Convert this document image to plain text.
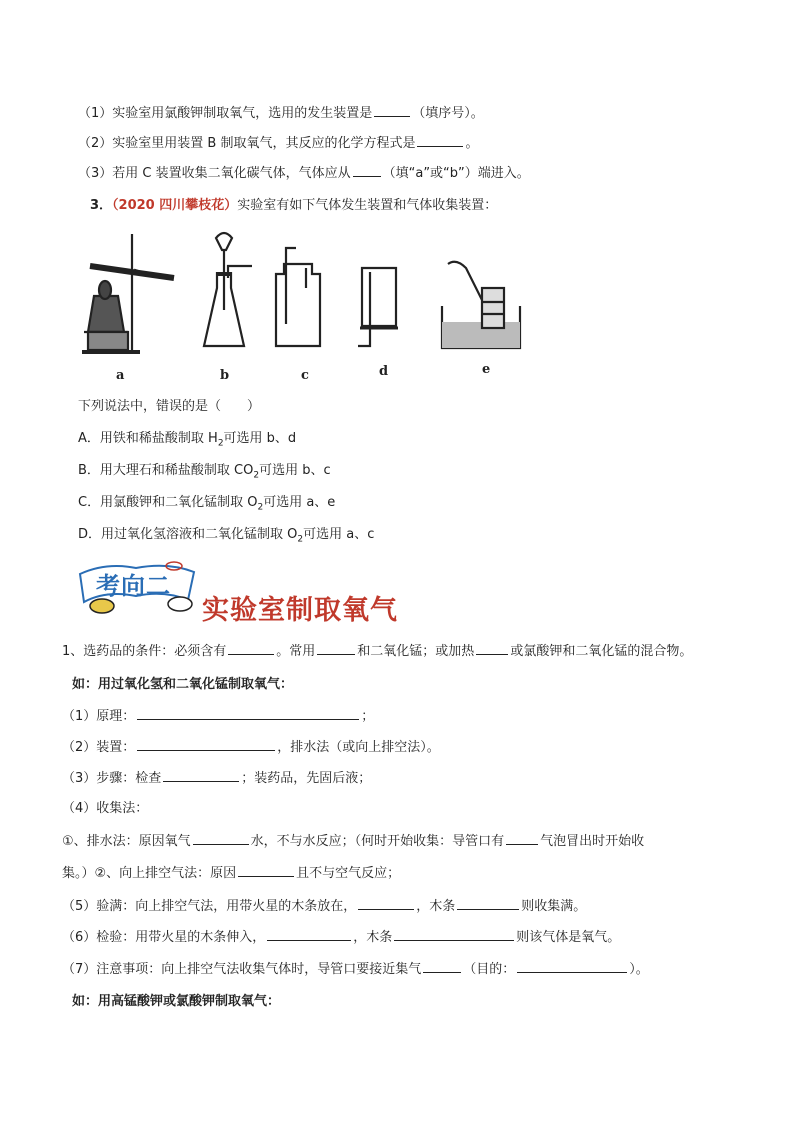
（1）实验室用氯酸钾制取氧气，选用的发生装置是	（填序号）。
（2）实验室里用装置 B 制取氧气，其反应的化学方程式是	。
（3）若用 C 装置收集二氧化碳气体，气体应从 （填“a”或“b”）端进入。
3．（2020 四川攀枝花）实验室有如下气体发生装置和气体收集装置：
a	b	c	d	e
下列说法中，错误的是（　　）
A．用铁和稀盐酸制取 $H_2$可选用 b、d
B．用大理石和稀盐酸制取 $CO_2$可选用 b、c
C．用氯酸钾和二氧化锰制取 $O_2$可选用 a、e
D．用过氧化氢溶液和二氧化锰制取 $O_2$可选用 a、c
考向二
实验室制取氧气
1、选药品的条件：必须含有	。常用	和二氧化锰；或加热	或氯酸钾和二氧化锰的混合物。
如：用过氧化氢和二氧化锰制取氧气：
（1）原理：	；
（2）装置：	，排水法（或向上排空法）。
（3）步骤：检查	；装药品，先固后液；
（4）收集法：
①、排水法：原因氧气	水，不与水反应；（何时开始收集：导管口有	气泡冒出时开始收
集。）②、向上排空气法：原因	且不与空气反应；
（5）验满：向上排空气法，用带火星的木条放在，	，木条	则收集满。
（6）检验：用带火星的木条伸入，	，木条	则该气体是氧气。
（7）注意事项：向上排空气法收集气体时，导管口要接近集气	（目的：	）。
如：用高锰酸钾或氯酸钾制取氧气：
